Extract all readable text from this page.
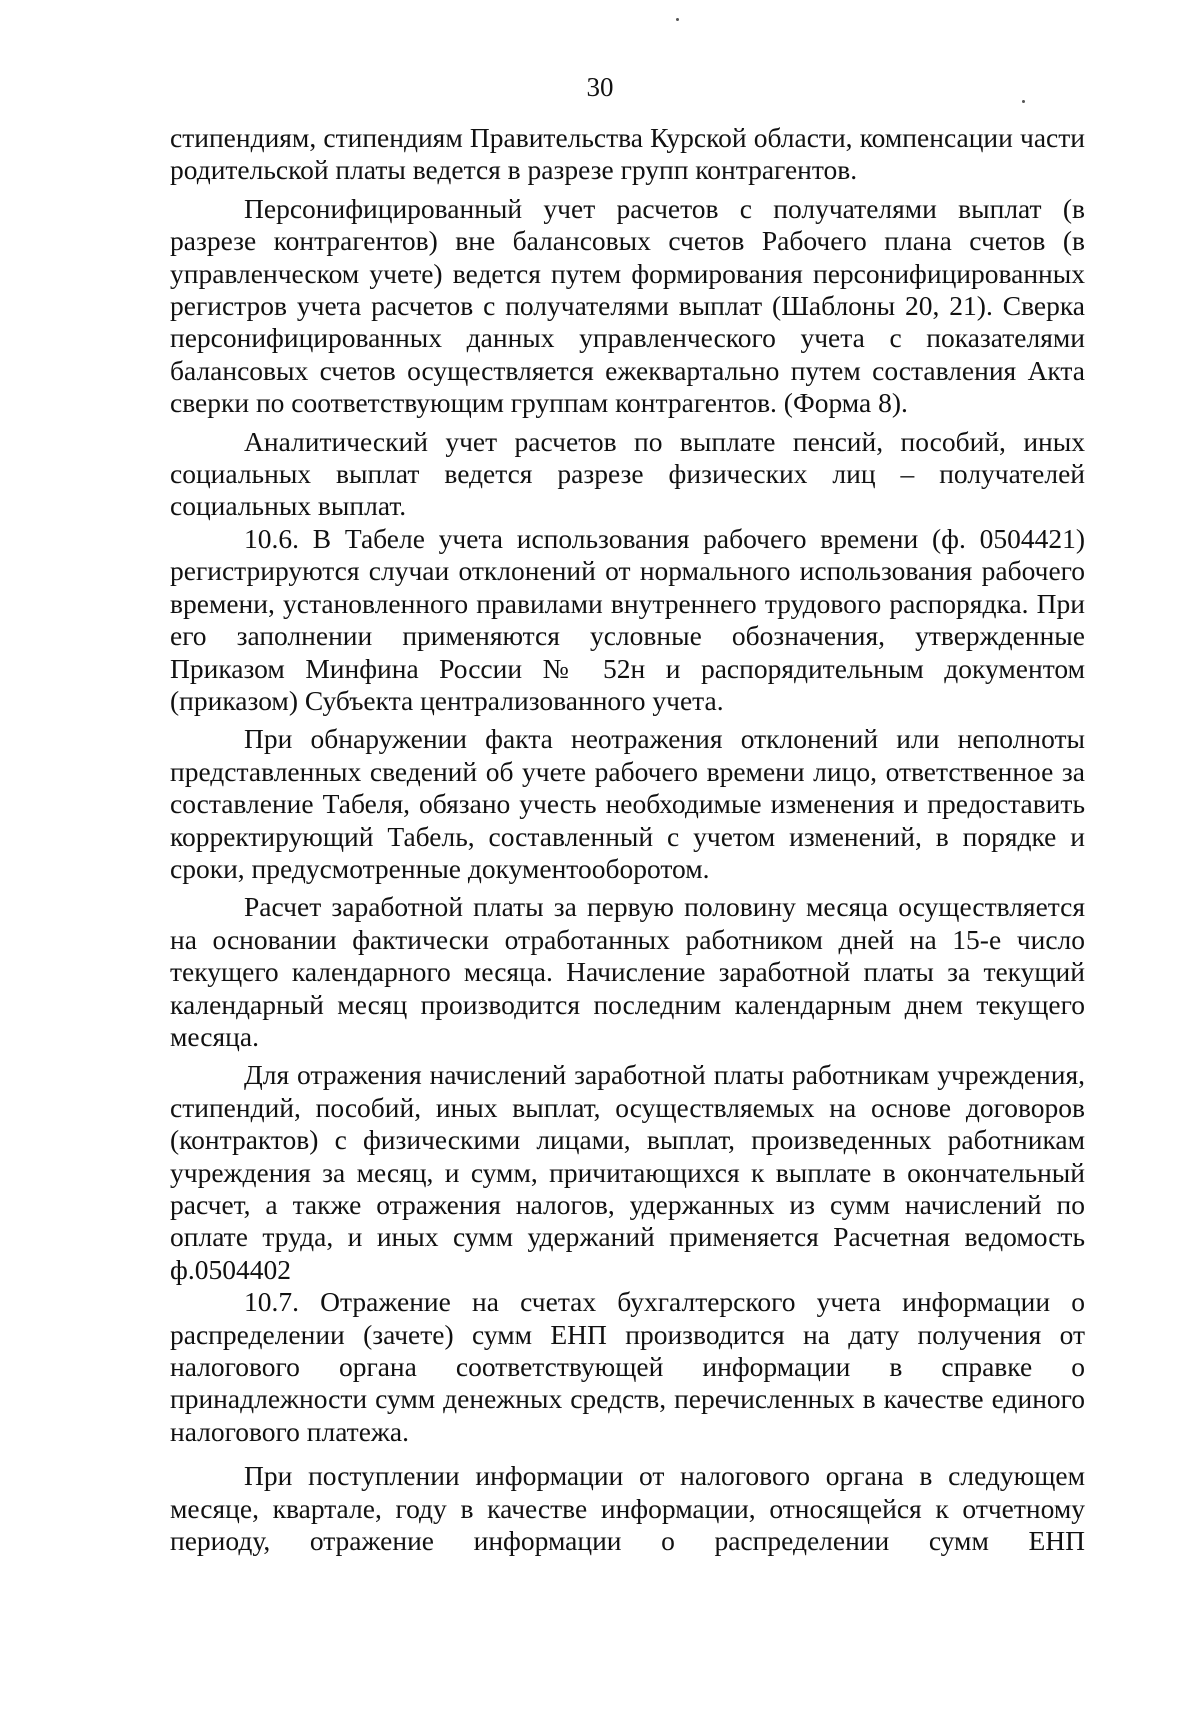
30

стипендиям, стипендиям Правительства Курской области, компенсации части родительской платы ведется в разрезе групп контрагентов.

Персонифицированный учет расчетов с получателями выплат (в разрезе контрагентов) вне балансовых счетов Рабочего плана счетов (в управленческом учете) ведется путем формирования персонифицированных регистров учета расчетов с получателями выплат (Шаблоны 20, 21). Сверка персонифицированных данных управленческого учета с показателями балансовых счетов осуществляется ежеквартально путем составления Акта сверки по соответствующим группам контрагентов. (Форма 8).

Аналитический учет расчетов по выплате пенсий, пособий, иных социальных выплат ведется разрезе физических лиц – получателей социальных выплат.

10.6. В Табеле учета использования рабочего времени (ф. 0504421) регистрируются случаи отклонений от нормального использования рабочего времени, установленного правилами внутреннего трудового распорядка. При его заполнении применяются условные обозначения, утвержденные Приказом Минфина России № 52н и распорядительным документом (приказом) Субъекта централизованного учета.

При обнаружении факта неотражения отклонений или неполноты представленных сведений об учете рабочего времени лицо, ответственное за составление Табеля, обязано учесть необходимые изменения и предоставить корректирующий Табель, составленный с учетом изменений, в порядке и сроки, предусмотренные документооборотом.

Расчет заработной платы за первую половину месяца осуществляется на основании фактически отработанных работником дней на 15-е число текущего календарного месяца. Начисление заработной платы за текущий календарный месяц производится последним календарным днем текущего месяца.

Для отражения начислений заработной платы работникам учреждения, стипендий, пособий, иных выплат, осуществляемых на основе договоров (контрактов) с физическими лицами, выплат, произведенных работникам учреждения за месяц, и сумм, причитающихся к выплате в окончательный расчет, а также отражения налогов, удержанных из сумм начислений по оплате труда, и иных сумм удержаний применяется Расчетная ведомость ф.0504402

10.7. Отражение на счетах бухгалтерского учета информации о распределении (зачете) сумм ЕНП производится на дату получения от налогового органа соответствующей информации в справке о принадлежности сумм денежных средств, перечисленных в качестве единого налогового платежа.

При поступлении информации от налогового органа в следующем месяце, квартале, году в качестве информации, относящейся к отчетному периоду, отражение информации о распределении сумм ЕНП
